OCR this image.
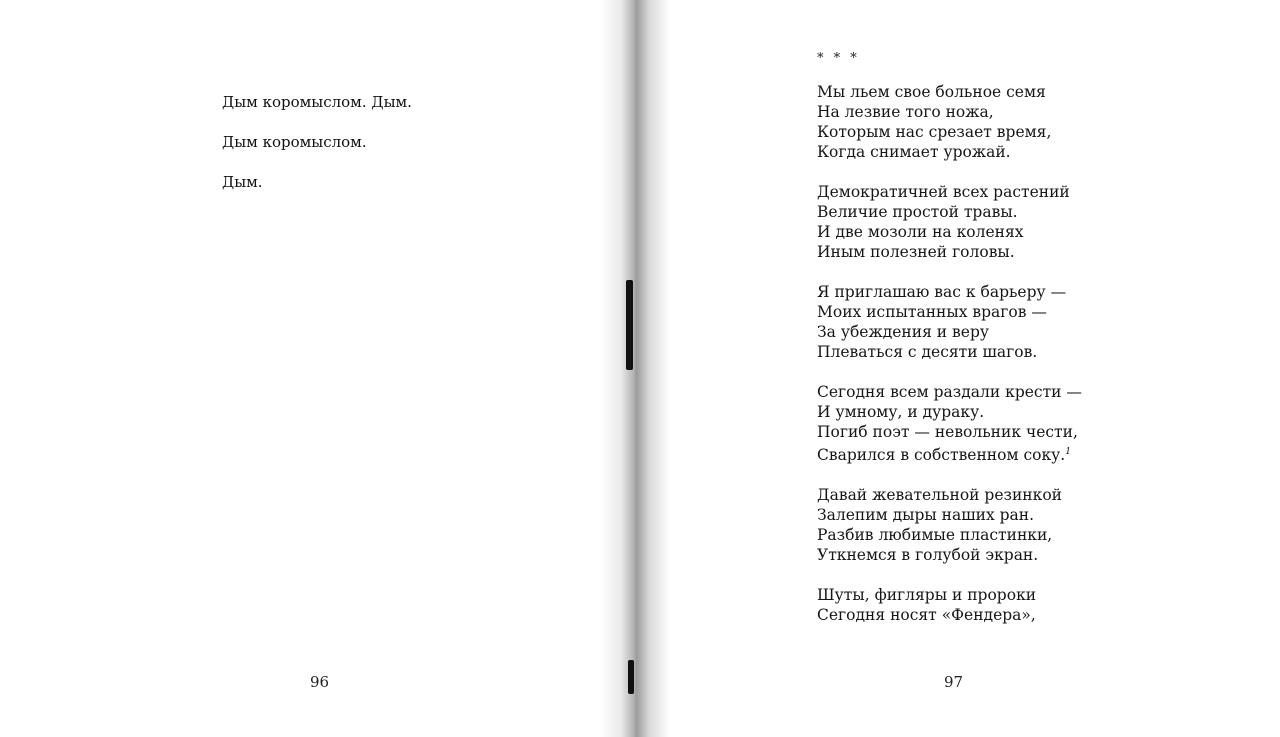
Дым коромыслом. Дым.
Дым коромыслом.
Дым.
96
* * *
Мы льем свое больное семя
На лезвие того ножа,
Которым нас срезает время,
Когда снимает урожай.
Демократичней всех растений
Величие простой травы.
И две мозоли на коленях
Иным полезней головы.
Я приглашаю вас к барьеру —
Моих испытанных врагов —
За убеждения и веру
Плеваться с десяти шагов.
Сегодня всем раздали крести —
И умному, и дураку.
Погиб поэт — невольник чести,
Сварился в собственном соку.$^1$
Давай жевательной резинкой
Залепим дыры наших ран.
Разбив любимые пластинки,
Уткнемся в голубой экран.
Шуты, фигляры и пророки
Сегодня носят «Фендера»,
97
